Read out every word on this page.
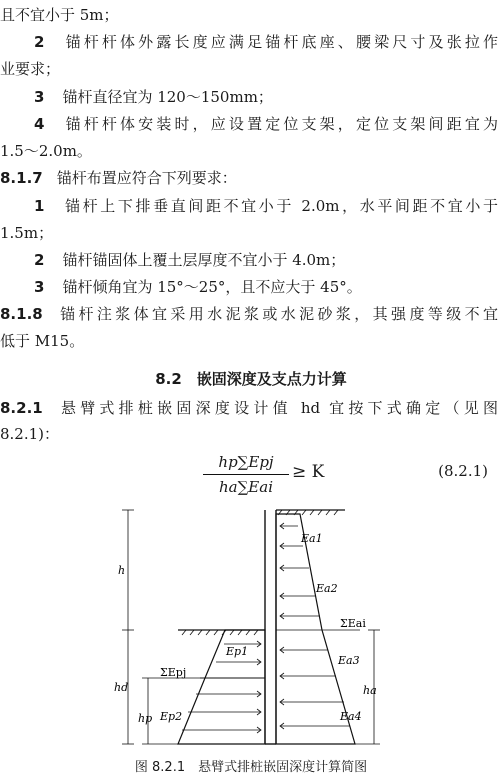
且不宜小于 5m；
2 锚杆杆体外露长度应满足锚杆底座、腰梁尺寸及张拉作
业要求；
3 锚杆直径宜为 120～150mm；
4 锚杆杆体安装时，应设置定位支架，定位支架间距宜为
1.5～2.0m。
8.1.7 锚杆布置应符合下列要求：
1 锚杆上下排垂直间距不宜小于 2.0m，水平间距不宜小于
1.5m；
2 锚杆锚固体上覆土层厚度不宜小于 4.0m；
3 锚杆倾角宜为 15°～25°，且不应大于 45°。
8.1.8 锚杆注浆体宜采用水泥浆或水泥砂浆，其强度等级不宜
低于 M15。
8.2　嵌固深度及支点力计算
8.2.1 悬臂式排桩嵌固深度设计值 hd 宜按下式确定（见图
8.2.1)：
hp∑Epj
ha∑Eai
≥ K	(8.2.1)
Ea1
Ea2
ΣEai
Ep1
Ea3
ΣEpj
Ep2	Ea4
h
hd
hp
ha
图 8.2.1　悬臂式排桩嵌固深度计算简图
